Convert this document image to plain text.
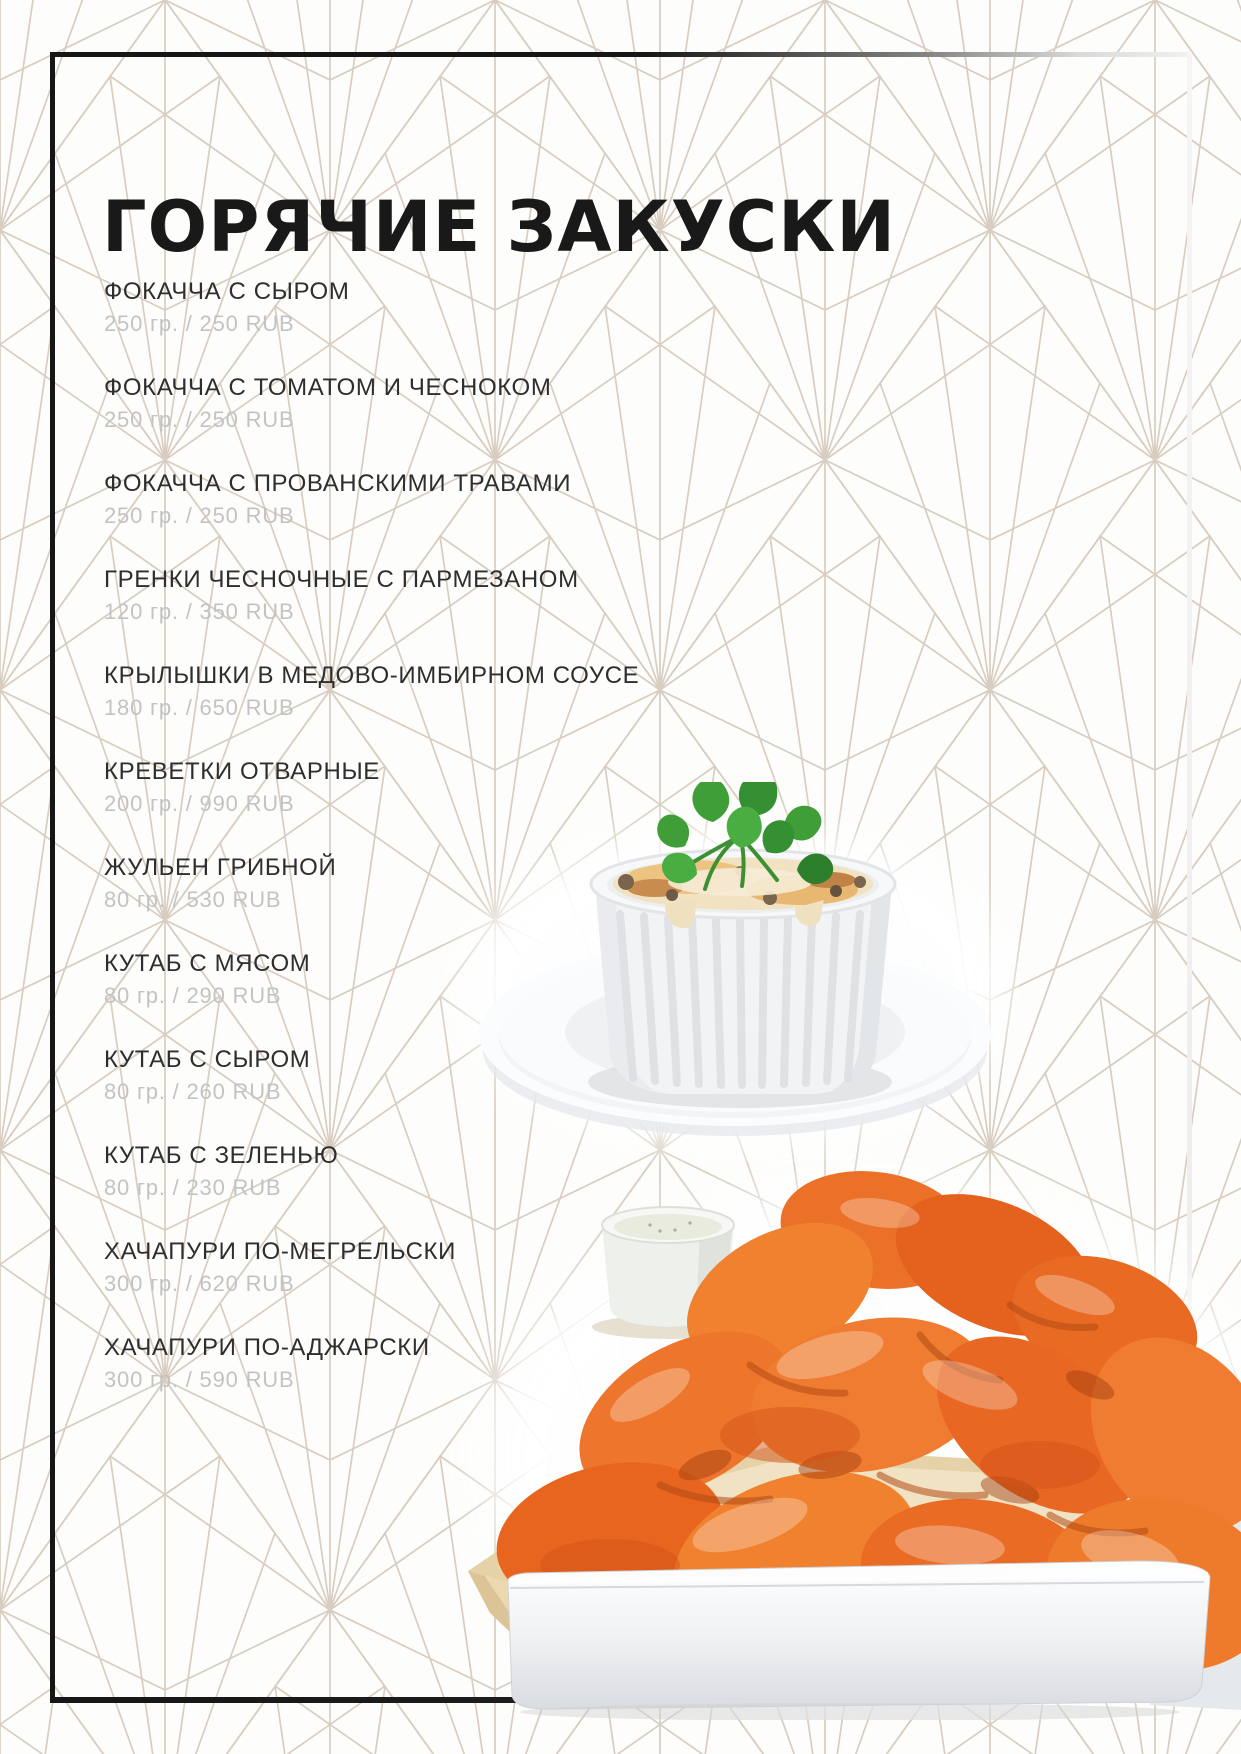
ГОРЯЧИЕ ЗАКУСКИ
ФОКАЧЧА С СЫРОМ
250 гр. / 250 RUB
ФОКАЧЧА С ТОМАТОМ И ЧЕСНОКОМ
250 гр. / 250 RUB
ФОКАЧЧА С ПРОВАНСКИМИ ТРАВАМИ
250 гр. / 250 RUB
ГРЕНКИ ЧЕСНОЧНЫЕ С ПАРМЕЗАНОМ
120 гр. / 350 RUB
КРЫЛЫШКИ В МЕДОВО-ИМБИРНОМ СОУСЕ
180 гр. / 650 RUB
КРЕВЕТКИ ОТВАРНЫЕ
200 гр. / 990 RUB
ЖУЛЬЕН ГРИБНОЙ
80 гр. / 530 RUB
КУТАБ С МЯСОМ
80 гр. / 290 RUB
КУТАБ С СЫРОМ
80 гр. / 260 RUB
КУТАБ С ЗЕЛЕНЬЮ
80 гр. / 230 RUB
ХАЧАПУРИ ПО-МЕГРЕЛЬСКИ
300 гр. / 620 RUB
ХАЧАПУРИ ПО-АДЖАРСКИ
300 гр. / 590 RUB
